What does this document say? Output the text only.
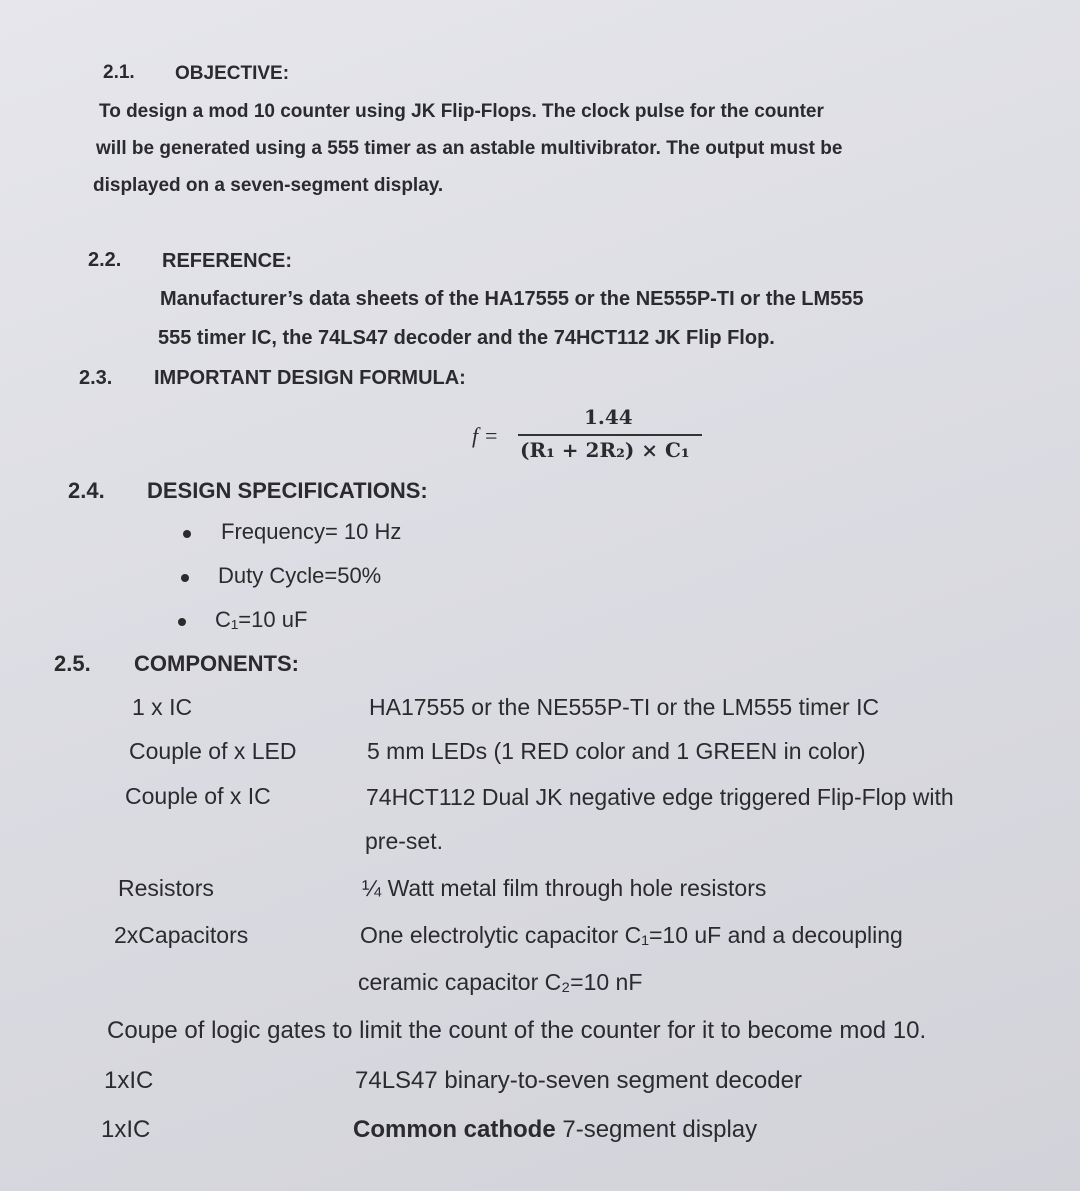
2.1. OBJECTIVE:
To design a mod 10 counter using JK Flip-Flops. The clock pulse for the counter
will be generated using a 555 timer as an astable multivibrator. The output must be
displayed on a seven-segment display.
2.2. REFERENCE:
Manufacturer’s data sheets of the HA17555 or the NE555P-TI or the LM555
555 timer IC, the 74LS47 decoder and the 74HCT112 JK Flip Flop.
2.3. IMPORTANT DESIGN FORMULA:
f =
1.44
(R₁ + 2R₂) × C₁
2.4. DESIGN SPECIFICATIONS:
Frequency= 10 Hz
Duty Cycle=50%
C₁=10 uF
2.5. COMPONENTS:
1 x IC	HA17555 or the NE555P-TI or the LM555 timer IC
Couple of x LED	5 mm LEDs (1 RED color and 1 GREEN in color)
Couple of x IC	74HCT112 Dual JK negative edge triggered Flip-Flop with
pre-set.
Resistors	¼ Watt metal film through hole resistors
2xCapacitors	One electrolytic capacitor C₁=10 uF and a decoupling
ceramic capacitor C₂=10 nF
Coupe of logic gates to limit the count of the counter for it to become mod 10.
1xIC	74LS47 binary-to-seven segment decoder
1xIC	Common cathode 7-segment display
